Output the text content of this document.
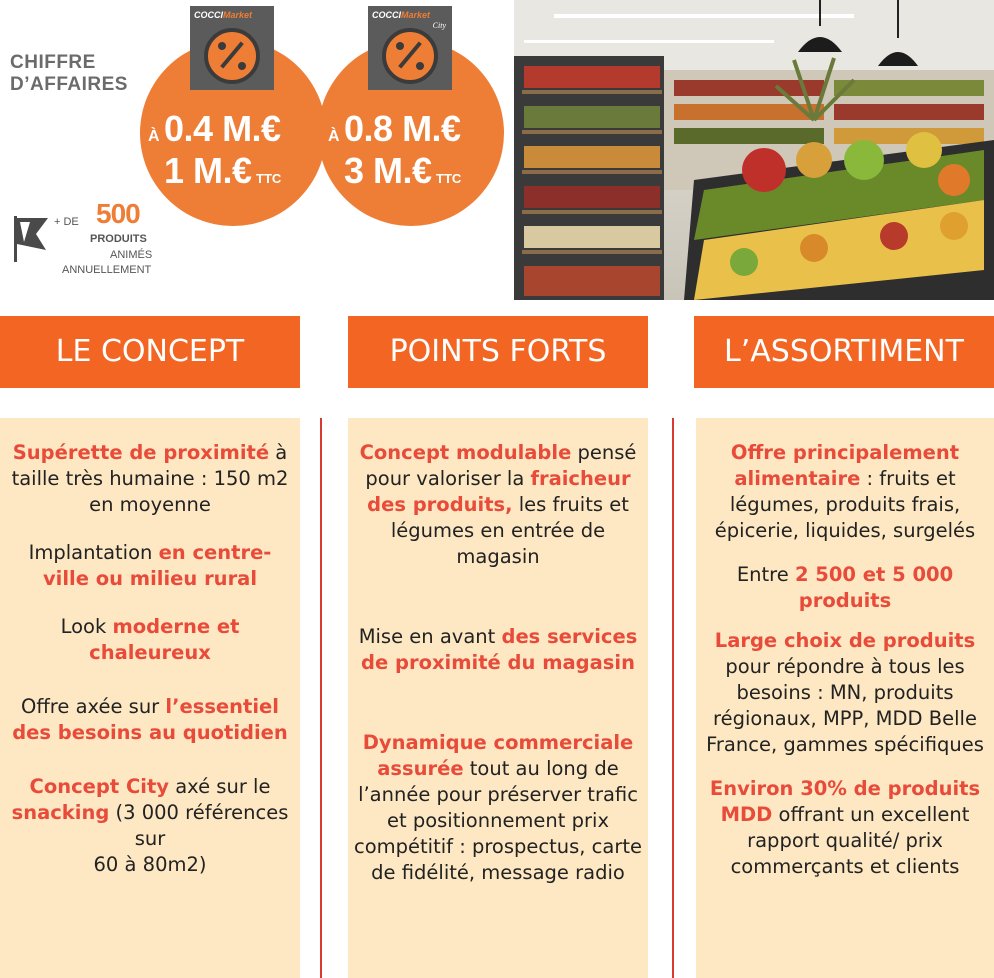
CHIFFRE
D’AFFAIRES
COCCIMarket	COCCIMarket
City
À 0.4 M.€
1 M.€ TTC
À 0.8 M.€
3 M.€ TTC
+ DE 500
PRODUITS
ANIMÉS
ANNUELLEMENT
LE CONCEPT	POINTS FORTS	L’ASSORTIMENT

Supérette de proximité à taille très humaine : 150 m2 en moyenne

Implantation en centre-ville ou milieu rural

Look moderne et chaleureux

Offre axée sur l’essentiel des besoins au quotidien

Concept City axé sur le snacking (3 000 références sur
60 à 80m2)

Concept modulable pensé pour valoriser la fraicheur des produits, les fruits et légumes en entrée de magasin

Mise en avant des services de proximité du magasin

Dynamique commerciale assurée tout au long de l’année pour préserver trafic et positionnement prix compétitif : prospectus, carte de fidélité, message radio

Offre principalement alimentaire : fruits et légumes, produits frais, épicerie, liquides, surgelés

Entre 2 500 et 5 000 produits

Large choix de produits pour répondre à tous les besoins : MN, produits régionaux, MPP, MDD Belle France, gammes spécifiques

Environ 30% de produits MDD offrant un excellent rapport qualité/ prix commerçants et clients
